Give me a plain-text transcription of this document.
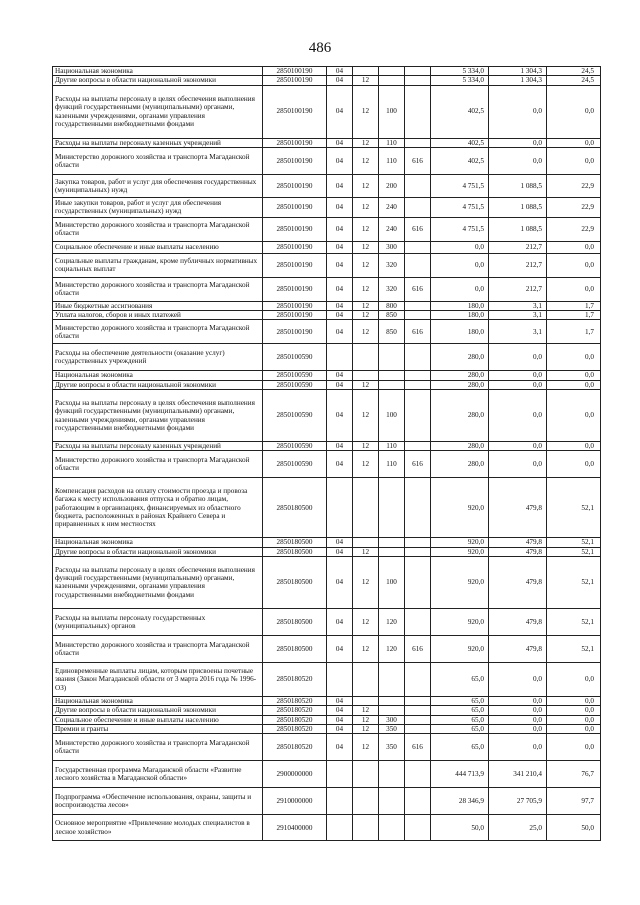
486
Национальная экономика	2850100190	04				5 334,0	1 304,3	24,5
Другие вопросы в области национальной экономики	2850100190	04	12			5 334,0	1 304,3	24,5
Расходы на выплаты персоналу в целях обеспечения выполнения функций государственными (муниципальными) органами, казенными учреждениями, органами управления государственными внебюджетными фондами	2850100190	04	12	100		402,5	0,0	0,0
Расходы на выплаты персоналу казенных учреждений	2850100190	04	12	110		402,5	0,0	0,0
Министерство дорожного хозяйства и транспорта Магаданской области	2850100190	04	12	110	616	402,5	0,0	0,0
Закупка товаров, работ и услуг для обеспечения государственных (муниципальных) нужд	2850100190	04	12	200		4 751,5	1 088,5	22,9
Иные закупки товаров, работ и услуг для обеспечения государственных (муниципальных) нужд	2850100190	04	12	240		4 751,5	1 088,5	22,9
Министерство дорожного хозяйства и транспорта Магаданской области	2850100190	04	12	240	616	4 751,5	1 088,5	22,9
Социальное обеспечение и иные выплаты населению	2850100190	04	12	300		0,0	212,7	0,0
Социальные выплаты гражданам, кроме публичных нормативных социальных выплат	2850100190	04	12	320		0,0	212,7	0,0
Министерство дорожного хозяйства и транспорта Магаданской области	2850100190	04	12	320	616	0,0	212,7	0,0
Иные бюджетные ассигнования	2850100190	04	12	800		180,0	3,1	1,7
Уплата налогов, сборов и иных платежей	2850100190	04	12	850		180,0	3,1	1,7
Министерство дорожного хозяйства и транспорта Магаданской области	2850100190	04	12	850	616	180,0	3,1	1,7
Расходы на обеспечение деятельности (оказание услуг) государственных учреждений	2850100590					280,0	0,0	0,0
Национальная экономика	2850100590	04				280,0	0,0	0,0
Другие вопросы в области национальной экономики	2850100590	04	12			280,0	0,0	0,0
Расходы на выплаты персоналу в целях обеспечения выполнения функций государственными (муниципальными) органами, казенными учреждениями, органами управления государственными внебюджетными фондами	2850100590	04	12	100		280,0	0,0	0,0
Расходы на выплаты персоналу казенных учреждений	2850100590	04	12	110		280,0	0,0	0,0
Министерство дорожного хозяйства и транспорта Магаданской области	2850100590	04	12	110	616	280,0	0,0	0,0
Компенсация расходов на оплату стоимости проезда и провоза багажа к месту использования отпуска и обратно лицам, работающим в организациях, финансируемых из областного бюджета, расположенных в районах Крайнего Севера и приравненных к ним местностях	2850180500					920,0	479,8	52,1
Национальная экономика	2850180500	04				920,0	479,8	52,1
Другие вопросы в области национальной экономики	2850180500	04	12			920,0	479,8	52,1
Расходы на выплаты персоналу в целях обеспечения выполнения функций государственными (муниципальными) органами, казенными учреждениями, органами управления государственными внебюджетными фондами	2850180500	04	12	100		920,0	479,8	52,1
Расходы на выплаты персоналу государственных (муниципальных) органов	2850180500	04	12	120		920,0	479,8	52,1
Министерство дорожного хозяйства и транспорта Магаданской области	2850180500	04	12	120	616	920,0	479,8	52,1
Единовременные выплаты лицам, которым присвоены почетные звания (Закон Магаданской области от 3 марта 2016 года № 1996-ОЗ)	2850180520					65,0	0,0	0,0
Национальная экономика	2850180520	04				65,0	0,0	0,0
Другие вопросы в области национальной экономики	2850180520	04	12			65,0	0,0	0,0
Социальное обеспечение и иные выплаты населению	2850180520	04	12	300		65,0	0,0	0,0
Премии и гранты	2850180520	04	12	350		65,0	0,0	0,0
Министерство дорожного хозяйства и транспорта Магаданской области	2850180520	04	12	350	616	65,0	0,0	0,0
Государственная программа Магаданской области «Развитие лесного хозяйства в Магаданской области»	2900000000					444 713,9	341 210,4	76,7
Подпрограмма «Обеспечение использования, охраны, защиты и воспроизводства лесов»	2910000000					28 346,9	27 705,9	97,7
Основное мероприятие «Привлечение молодых специалистов в лесное хозяйство»	2910400000					50,0	25,0	50,0
